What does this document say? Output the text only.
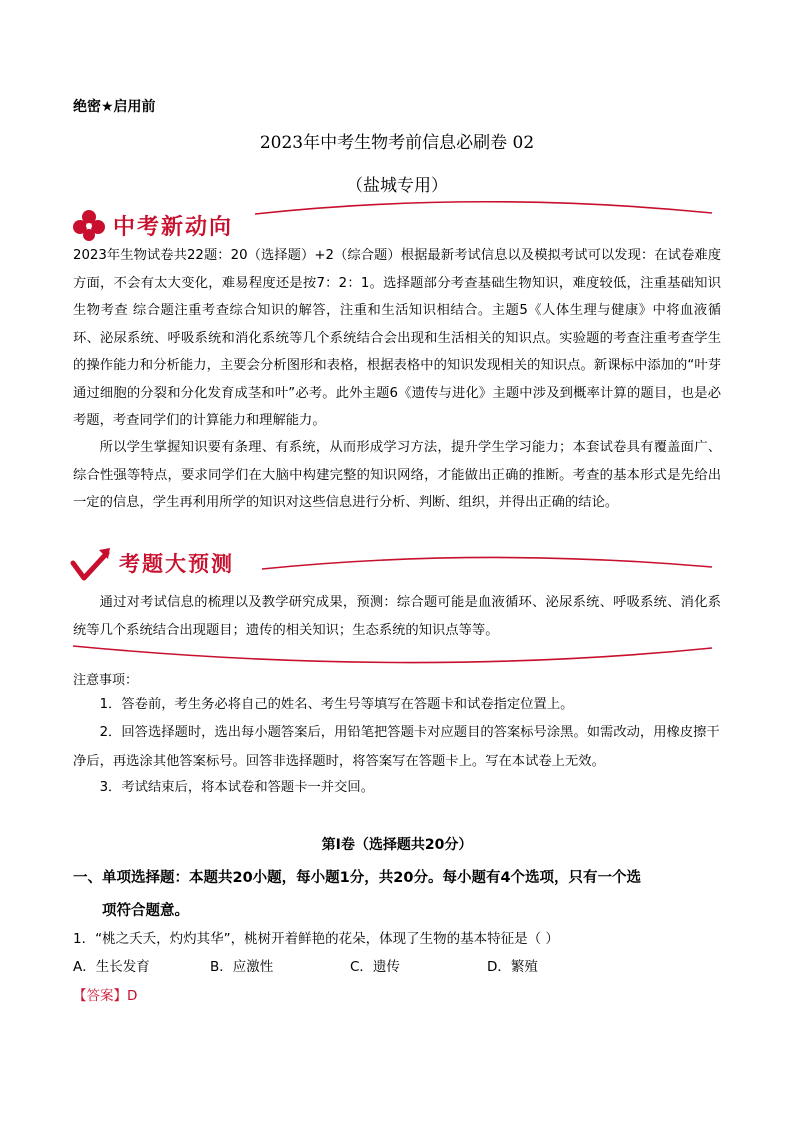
绝密★启用前
2023年中考生物考前信息必刷卷 02
（盐城专用）
中考新动向
2023年生物试卷共22题：20（选择题）+2（综合题）根据最新考试信息以及模拟考试可以发现：在试卷难度方面，不会有太大变化，难易程度还是按7：2：1。选择题部分考查基础生物知识，难度较低，注重基础知识生物考查 综合题注重考查综合知识的解答，注重和生活知识相结合。主题5《人体生理与健康》中将血液循环、泌尿系统、呼吸系统和消化系统等几个系统结合会出现和生活相关的知识点。实验题的考查注重考查学生的操作能力和分析能力，主要会分析图形和表格，根据表格中的知识发现相关的知识点。新课标中添加的“叶芽通过细胞的分裂和分化发育成茎和叶”必考。此外主题6《遗传与进化》主题中涉及到概率计算的题目，也是必考题，考查同学们的计算能力和理解能力。
所以学生掌握知识要有条理、有系统，从而形成学习方法，提升学生学习能力；本套试卷具有覆盖面广、综合性强等特点，要求同学们在大脑中构建完整的知识网络，才能做出正确的推断。考查的基本形式是先给出一定的信息，学生再利用所学的知识对这些信息进行分析、判断、组织，并得出正确的结论。
考题大预测
通过对考试信息的梳理以及教学研究成果，预测：综合题可能是血液循环、泌尿系统、呼吸系统、消化系统等几个系统结合出现题目；遗传的相关知识；生态系统的知识点等等。
注意事项：
1．答卷前，考生务必将自己的姓名、考生号等填写在答题卡和试卷指定位置上。
2．回答选择题时，选出每小题答案后，用铅笔把答题卡对应题目的答案标号涂黑。如需改动，用橡皮擦干净后，再选涂其他答案标号。回答非选择题时，将答案写在答题卡上。写在本试卷上无效。
3．考试结束后，将本试卷和答题卡一并交回。
第Ⅰ卷（选择题共20分）
一、单项选择题：本题共20小题，每小题1分，共20分。每小题有4个选项，只有一个选
项符合题意。
1．“桃之夭夭，灼灼其华”，桃树开着鲜艳的花朵，体现了生物的基本特征是（ ）
A．生长发育	B．应激性	C．遗传	D．繁殖
【答案】D
